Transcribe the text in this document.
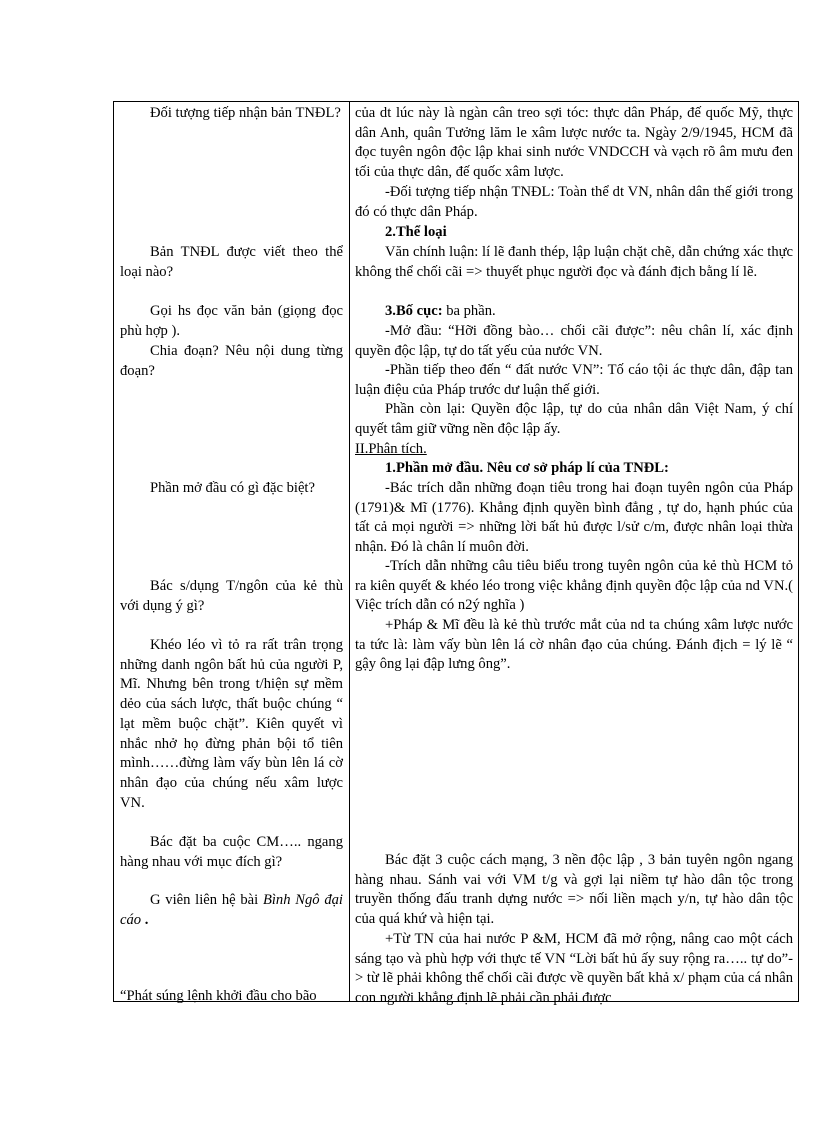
Đối tượng tiếp nhận bản TNĐL?
Bản TNĐL được viết theo thể loại nào?
Gọi hs đọc văn bản (giọng đọc phù hợp ).
Chia đoạn? Nêu nội dung từng đoạn?
Phần mở đầu có gì đặc biệt?
Bác s/dụng T/ngôn của kẻ thù với dụng ý gì?
Khéo léo vì tỏ ra rất trân trọng những danh ngôn bất hủ của người P, Mĩ. Nhưng bên trong t/hiện sự mềm dẻo của sách lược, thất buộc chúng “ lạt mềm buộc chặt”. Kiên quyết vì nhắc nhở họ đừng phản bội tổ tiên mình……đừng làm vấy bùn lên lá cờ nhân đạo của chúng nếu xâm lược VN.
Bác đặt ba cuộc CM….. ngang hàng nhau với mục đích gì?
G viên liên hệ bài Bình Ngô đại cáo .
“Phát súng lệnh khởi đầu cho bão
của dt lúc này là ngàn cân treo sợi tóc: thực dân Pháp, đế quốc Mỹ, thực dân Anh, quân Tưởng lăm le xâm lược nước ta. Ngày 2/9/1945, HCM đã đọc tuyên ngôn độc lập khai sinh nước VNDCCH và vạch rõ âm mưu đen tối của thực dân, đế quốc xâm lược.
-Đối tượng tiếp nhận TNĐL: Toàn thể dt VN, nhân dân thế giới trong đó có thực dân Pháp.
2.Thể loại
Văn chính luận: lí lẽ đanh thép, lập luận chặt chẽ, dẫn chứng xác thực không thể chối cãi => thuyết phục người đọc và đánh địch bằng lí lẽ.
3.Bố cục: ba phần.
-Mở đầu: “Hỡi đồng bào… chối cãi được”: nêu chân lí, xác định quyền độc lập, tự do tất yếu của nước VN.
-Phần tiếp theo đến “ đất nước VN”: Tố cáo tội ác thực dân, đập tan luận điệu của Pháp trước dư luận thế giới.
Phần còn lại: Quyền độc lập, tự do của nhân dân Việt Nam, ý chí quyết tâm giữ vững nền độc lập ấy.
II.Phân tích.
1.Phần mở đầu. Nêu cơ sở pháp lí của TNĐL:
-Bác trích dẫn những đoạn tiêu trong hai đoạn tuyên ngôn của Pháp (1791)& Mĩ (1776). Khẳng định quyền bình đẳng , tự do, hạnh phúc của tất cả mọi người => những lời bất hủ được l/sử c/m, được nhân loại thừa nhận. Đó là chân lí muôn đời.
-Trích dẫn những câu tiêu biểu trong tuyên ngôn của kẻ thù HCM tỏ ra kiên quyết & khéo léo trong việc khẳng định quyền độc lập của nd VN.( Việc trích dẫn có n2ý nghĩa )
+Pháp & Mĩ đều là kẻ thù trước mắt của nd ta chúng xâm lược nước ta tức là: làm vấy bùn lên lá cờ nhân đạo của chúng. Đánh địch = lý lẽ “ gậy ông lại đập lưng ông”.
Bác đặt 3 cuộc cách mạng, 3 nền độc lập , 3 bản tuyên ngôn ngang hàng nhau. Sánh vai với VM t/g và gợi lại niềm tự hào dân tộc trong truyền thống đấu tranh dựng nước => nối liền mạch y/n, tự hào dân tộc của quá khứ và hiện tại.
+Từ TN của hai nước P &M, HCM đã mở rộng, nâng cao một cách sáng tạo và phù hợp với thực tế VN “Lời bất hủ ấy suy rộng ra….. tự do”-> từ lẽ phải không thể chối cãi được về quyền bất khả x/ phạm của cá nhân con người khẳng định lẽ phải cần phải được
